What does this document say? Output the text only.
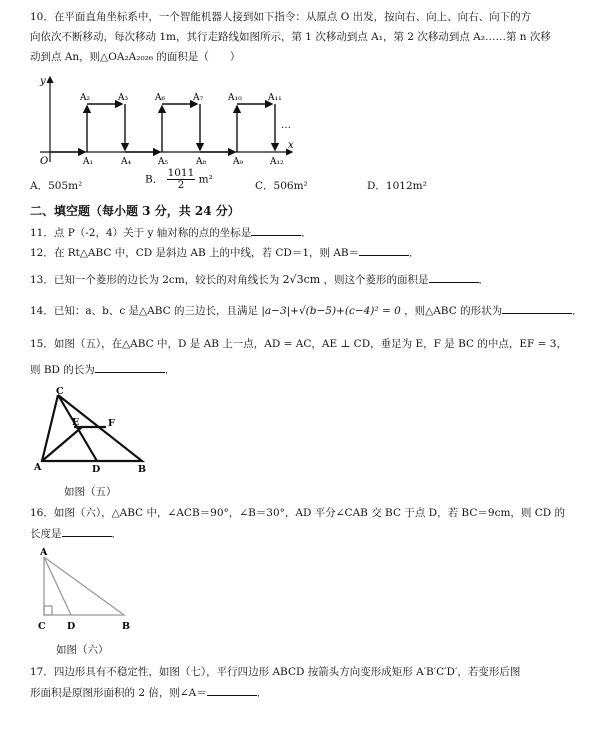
10．在平面直角坐标系中，一个智能机器人接到如下指令：从原点 O 出发，按向右、向上、向右、向下的方
向依次不断移动，每次移动 1m，其行走路线如图所示，第 1 次移动到点 A₁，第 2 次移动到点 A₂……第 n 次移
动到点 An，则△OA₂A₂₀₂₆ 的面积是（　　）
y
x
O
…
A₂	A₃	A₆	A₇	A₁₀	A₁₁
A₁	A₄	A₅	A₈	A₉	A₁₂
A．505m²
B． $\frac{1011}{2} m^2$
C．506m²	D．1012m²
二、填空题（每小题 3 分，共 24 分）
11．点 P（-2，4）关于 y 轴对称的点的坐标是	．
12．在 Rt△ABC 中，CD 是斜边 AB 上的中线，若 CD＝1，则 AB＝	．
13．已知一个菱形的边长为 2cm，较长的对角线长为 2√3cm ，则这个菱形的面积是	．
14．已知：a、b、c 是△ABC 的三边长，且满足 |a−3|+√(b−5)+(c−4)² = 0 ，则△ABC 的形状为	．
15．如图（五），在△ABC 中，D 是 AB 上一点，AD = AC，AE ⊥ CD，垂足为 E，F 是 BC 的中点，EF = 3，
则 BD 的长为	．
C
E	F
A	D	B
如图（五）
16．如图（六），△ABC 中，∠ACB＝90°，∠B＝30°，AD 平分∠CAB 交 BC 于点 D，若 BC＝9cm，则 CD 的
长度是	．
A
C D	B
如图（六）
17．四边形具有不稳定性，如图（七），平行四边形 ABCD 按箭头方向变形成矩形 A′B′C′D′，若变形后图
形面积是原图形面积的 2 倍，则∠A＝	．
